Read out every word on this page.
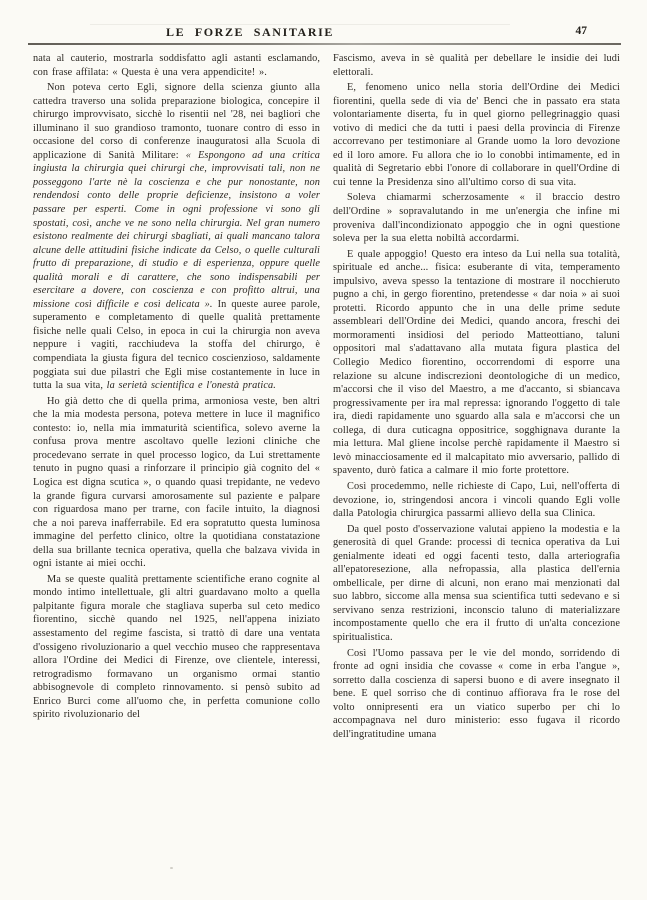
LE FORZE SANITARIE	47

nata al cauterio, mostrarla soddisfatto agli astanti esclamando, con frase affilata: « Questa è una vera appendicite! ».

Non poteva certo Egli, signore della scienza giunto alla cattedra traverso una solida preparazione biologica, concepire il chirurgo improvvisato, sicchè lo risentii nel '28, nei bagliori che illuminano il suo grandioso tramonto, tuonare contro di esso in occasione del corso di conferenze inauguratosi alla Scuola di applicazione di Sanità Militare: « Espongono ad una critica ingiusta la chirurgia quei chirurgi che, improvvisati tali, non ne posseggono l'arte nè la coscienza e che pur nonostante, non rendendosi conto delle proprie deficienze, insistono a voler passare per esperti. Come in ogni professione vi sono gli spostati, così, anche ve ne sono nella chirurgia. Nel gran numero esistono realmente dei chirurgi sbagliati, ai quali mancano talora alcune delle attitudini fisiche indicate da Celso, o quelle culturali frutto di preparazione, di studio e di esperienza, oppure quelle qualità morali e di carattere, che sono indispensabili per esercitare a dovere, con coscienza e con profitto altrui, una missione così difficile e così delicata ». In queste auree parole, superamento e completamento di quelle qualità prettamente fisiche nelle quali Celso, in epoca in cui la chirurgia non aveva neppure i vagiti, racchiudeva la stoffa del chirurgo, è compendiata la giusta figura del tecnico coscienzioso, saldamente poggiata sui due pilastri che Egli mise costantemente in luce in tutta la sua vita, la serietà scientifica e l'onestà pratica.

Ho già detto che di quella prima, armoniosa veste, ben altri che la mia modesta persona, poteva mettere in luce il magnifico contesto: io, nella mia immaturità scientifica, solevo averne la confusa prova mentre ascoltavo quelle lezioni cliniche che procedevano serrate in quel processo logico, da Lui strettamente tenuto in pugno quasi a rinforzare il principio già cognito del « Logica est digna scutica », o quando quasi trepidante, ne vedevo la grande figura curvarsi amorosamente sul paziente e palpare con riguardosa mano per trarne, con facile intuito, la diagnosi che a noi pareva inafferrabile. Ed era sopratutto questa luminosa immagine del perfetto clinico, oltre la quotidiana constatazione della sua brillante tecnica operativa, quella che balzava vivida in ogni istante ai miei occhi.

Ma se queste qualità prettamente scientifiche erano cognite al mondo intimo intellettuale, gli altri guardavano molto a quella palpitante figura morale che stagliava superba sul ceto medico fiorentino, sicchè quando nel 1925, nell'appena iniziato assestamento del regime fascista, si trattò di dare una ventata d'ossigeno rivoluzionario a quel vecchio museo che rappresentava allora l'Ordine dei Medici di Firenze, ove clientele, interessi, retrogradismo formavano un organismo ormai stantio abbisognevole di completo rinnovamento. si pensò subito ad Enrico Burci come all'uomo che, in perfetta comunione collo spirito rivoluzionario del

Fascismo, aveva in sè qualità per debellare le insidie dei ludi elettorali.

E, fenomeno unico nella storia dell'Ordine dei Medici fiorentini, quella sede di via de' Benci che in passato era stata volontariamente diserta, fu in quel giorno pellegrinaggio quasi votivo di medici che da tutti i paesi della provincia di Firenze accorrevano per testimoniare al Grande uomo la loro devozione ed il loro amore. Fu allora che io lo conobbi intimamente, ed in qualità di Segretario ebbi l'onore di collaborare in quell'Ordine di cui tenne la Presidenza sino all'ultimo corso di sua vita.

Soleva chiamarmi scherzosamente « il braccio destro dell'Ordine » sopravalutando in me un'energia che infine mi proveniva dall'incondizionato appoggio che in ogni questione soleva per la sua eletta nobiltà accordarmi.

E quale appoggio! Questo era inteso da Lui nella sua totalità, spirituale ed anche... fisica: esuberante di vita, temperamento impulsivo, aveva spesso la tentazione di mostrare il nocchieruto pugno a chi, in gergo fiorentino, pretendesse « dar noia » ai suoi protetti. Ricordo appunto che in una delle prime sedute assembleari dell'Ordine dei Medici, quando ancora, freschi dei mormoramenti insidiosi del periodo Matteottiano, taluni oppositori mal s'adattavano alla mutata figura plastica del Collegio Medico fiorentino, occorrendomi di esporre una relazione su alcune indiscrezioni deontologiche di un medico, m'accorsi che il viso del Maestro, a me d'accanto, si sbiancava progressivamente per ira mal repressa: ignorando l'oggetto di tale ira, diedi rapidamente uno sguardo alla sala e m'accorsi che un collega, di dura cuticagna oppositrice, sogghignava durante la mia lettura. Mal gliene incolse perchè rapidamente il Maestro si levò minacciosamente ed il malcapitato mio avversario, pallido di spavento, durò fatica a calmare il mio forte protettore.

Così procedemmo, nelle richieste di Capo, Lui, nell'offerta di devozione, io, stringendosi ancora i vincoli quando Egli volle dalla Patologia chirurgica passarmi allievo della sua Clinica.

Da quel posto d'osservazione valutai appieno la modestia e la generosità di quel Grande: processi di tecnica operativa da Lui genialmente ideati ed oggi facenti testo, dalla arteriografia all'epatoresezione, alla nefropassia, alla plastica dell'ernia ombellicale, per dirne di alcuni, non erano mai menzionati dal suo labbro, siccome alla mensa sua scientifica tutti sedevano e si servivano senza restrizioni, inconscio taluno di materializzare incompostamente quello che era il frutto di un'alta concezione spiritualistica.

Così l'Uomo passava per le vie del mondo, sorridendo di fronte ad ogni insidia che covasse « come in erba l'angue », sorretto dalla coscienza di sapersi buono e di avere insegnato il bene. E quel sorriso che di continuo affiorava fra le rose del volto onnipresenti era un viatico superbo per chi lo accompagnava nel duro ministerio: esso fugava il ricordo dell'ingratitudine umana
